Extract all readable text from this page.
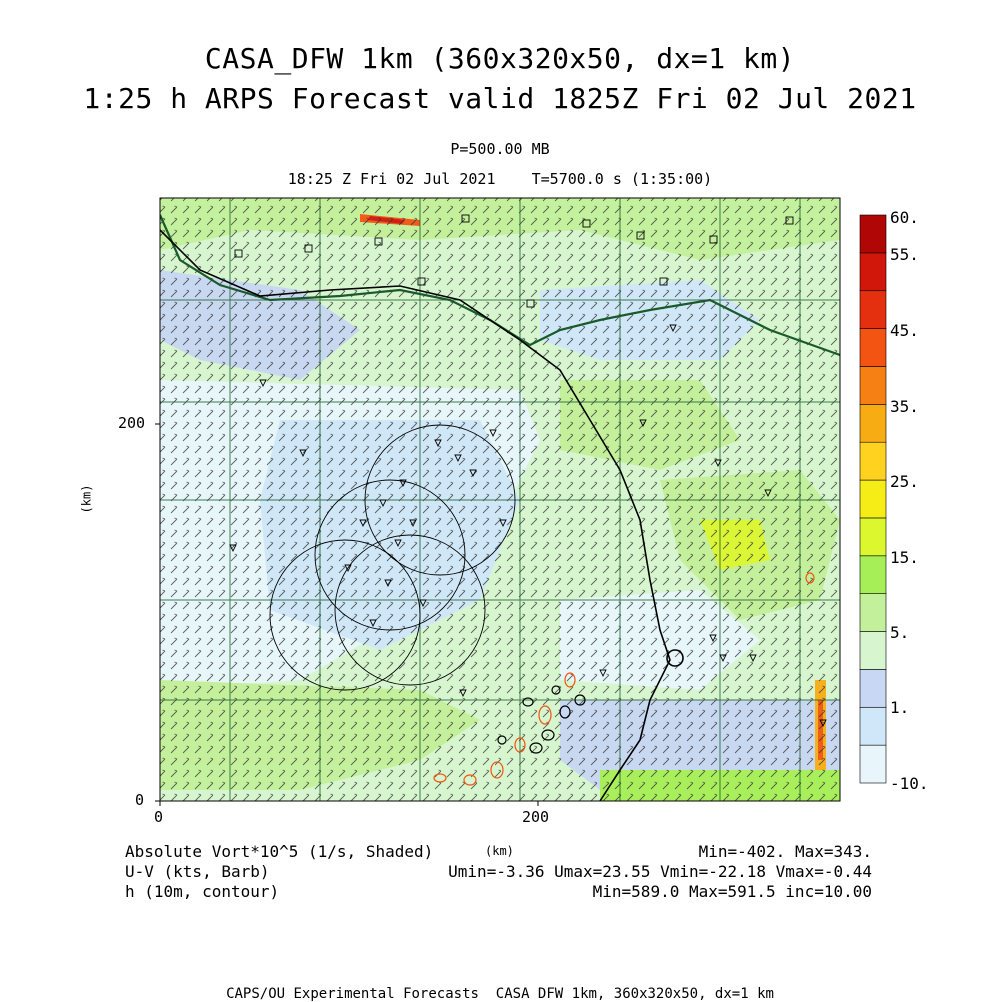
CASA_DFW 1km (360x320x50, dx=1 km)
1:25 h ARPS Forecast valid 1825Z Fri 02 Jul 2021
P=500.00 MB
18:25 Z Fri 02 Jul 2021    T=5700.0 s (1:35:00)
0
200
0	200
(km)
(km)
60.
55.
45.
35.
25.
15.
5.
1.
-10.
Absolute Vort*10^5 (1/s, Shaded)
U-V (kts, Barb)
h (10m, contour)
Min=-402. Max=343.
Umin=-3.36 Umax=23.55 Vmin=-22.18 Vmax=-0.44
Min=589.0 Max=591.5 inc=10.00
CAPS/OU Experimental Forecasts  CASA DFW 1km, 360x320x50, dx=1 km
